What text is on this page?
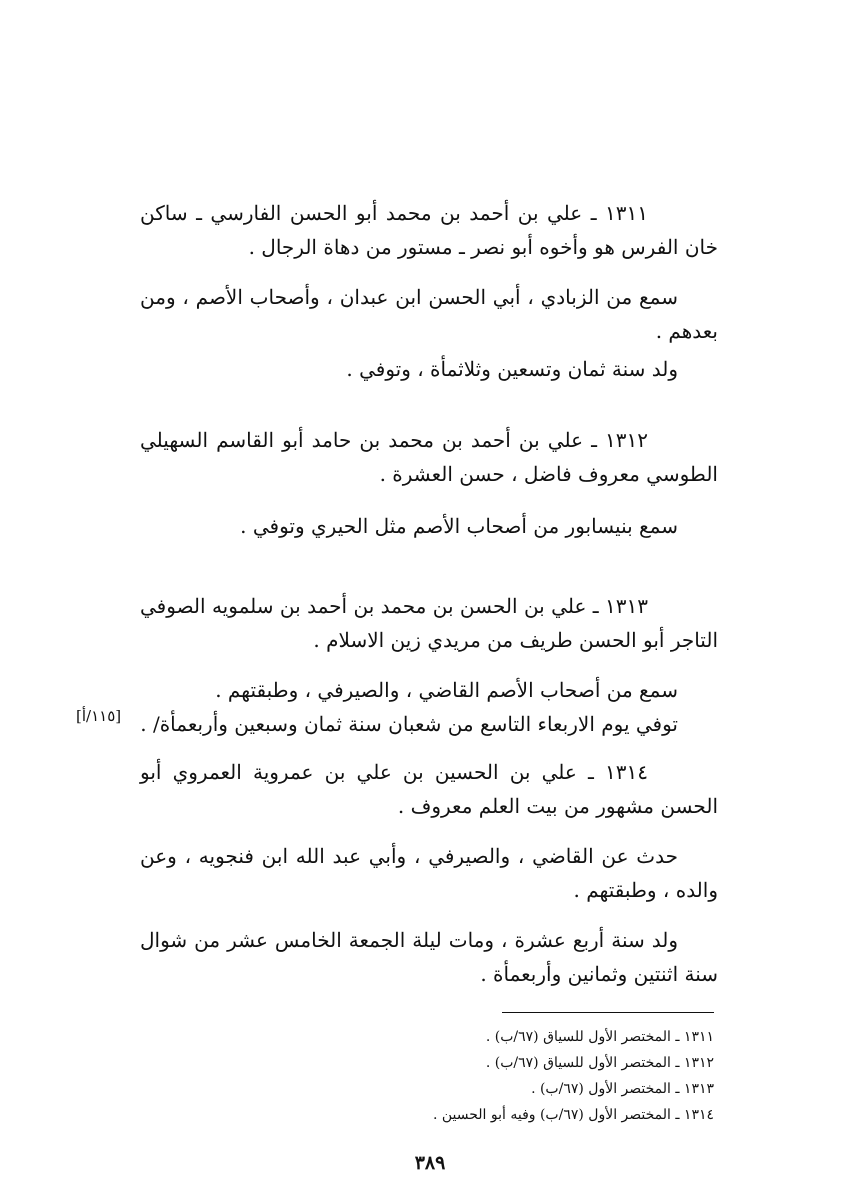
١٣١١ ـ علي بن أحمد بن محمد أبو الحسن الفارسي ـ ساكن خان الفرس هو وأخوه أبو نصر ـ مستور من دهاة الرجال .
سمع من الزبادي ، أبي الحسن ابن عبدان ، وأصحاب الأصم ، ومن بعدهم .
ولد سنة ثمان وتسعين وثلاثمأة ، وتوفي .
١٣١٢ ـ علي بن أحمد بن محمد بن حامد أبو القاسم السهيلي الطوسي معروف فاضل ، حسن العشرة .
سمع بنيسابور من أصحاب الأصم مثل الحيري وتوفي .
١٣١٣ ـ علي بن الحسن بن محمد بن أحمد بن سلمويه الصوفي التاجر أبو الحسن طريف من مريدي زين الاسلام .
سمع من أصحاب الأصم القاضي ، والصيرفي ، وطبقتهم .
توفي يوم الاربعاء التاسع من شعبان سنة ثمان وسبعين وأربعمأة/ .
[١١٥/أ]
١٣١٤ ـ علي بن الحسين بن علي بن عمروية العمروي أبو الحسن مشهور من بيت العلم معروف .
حدث عن القاضي ، والصيرفي ، وأبي عبد الله ابن فنجويه ، وعن والده ، وطبقتهم .
ولد سنة أربع عشرة ، ومات ليلة الجمعة الخامس عشر من شوال سنة اثنتين وثمانين وأربعمأة .
١٣١١ ـ المختصر الأول للسياق (٦٧/ب) .
١٣١٢ ـ المختصر الأول للسياق (٦٧/ب) .
١٣١٣ ـ المختصر الأول (٦٧/ب) .
١٣١٤ ـ المختصر الأول (٦٧/ب) وفيه أبو الحسين .
٣٨٩
